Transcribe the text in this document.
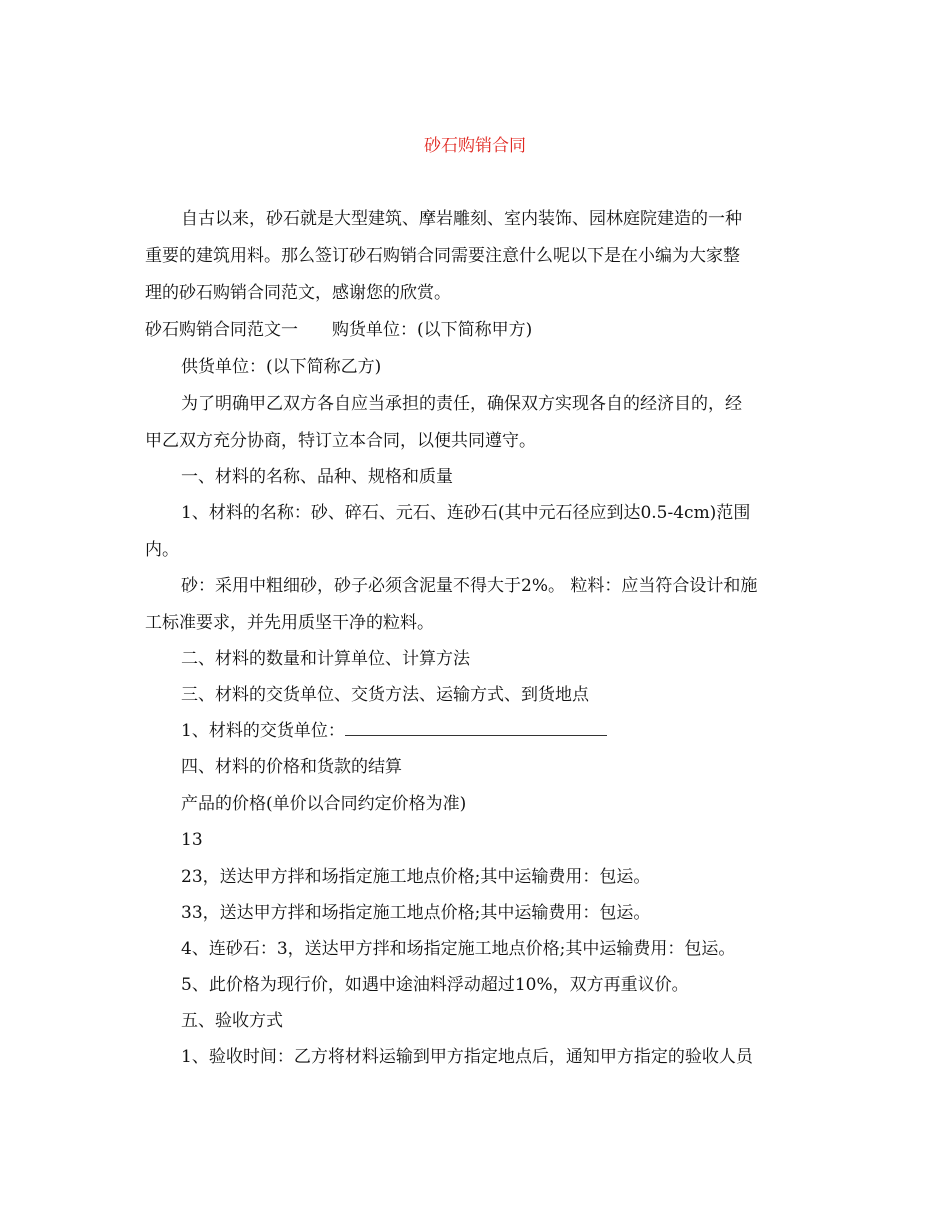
砂石购销合同
自古以来，砂石就是大型建筑、摩岩雕刻、室内装饰、园林庭院建造的一种
重要的建筑用料。那么签订砂石购销合同需要注意什么呢以下是在小编为大家整
理的砂石购销合同范文，感谢您的欣赏。
砂石购销合同范文一 购货单位：(以下简称甲方)
供货单位：(以下简称乙方)
为了明确甲乙双方各自应当承担的责任，确保双方实现各自的经济目的，经
甲乙双方充分协商，特订立本合同，以便共同遵守。
一、材料的名称、品种、规格和质量
1、材料的名称：砂、碎石、元石、连砂石(其中元石径应到达0.5-4cm)范围
内。
砂：采用中粗细砂，砂子必须含泥量不得大于2%。 粒料：应当符合设计和施
工标准要求，并先用质坚干净的粒料。
二、材料的数量和计算单位、计算方法
三、材料的交货单位、交货方法、运输方式、到货地点
1、材料的交货单位：
四、材料的价格和货款的结算
产品的价格(单价以合同约定价格为准)
13
23，送达甲方拌和场指定施工地点价格;其中运输费用：包运。
33，送达甲方拌和场指定施工地点价格;其中运输费用：包运。
4、连砂石：3，送达甲方拌和场指定施工地点价格;其中运输费用：包运。
5、此价格为现行价，如遇中途油料浮动超过10%，双方再重议价。
五、验收方式
1、验收时间：乙方将材料运输到甲方指定地点后，通知甲方指定的验收人员
